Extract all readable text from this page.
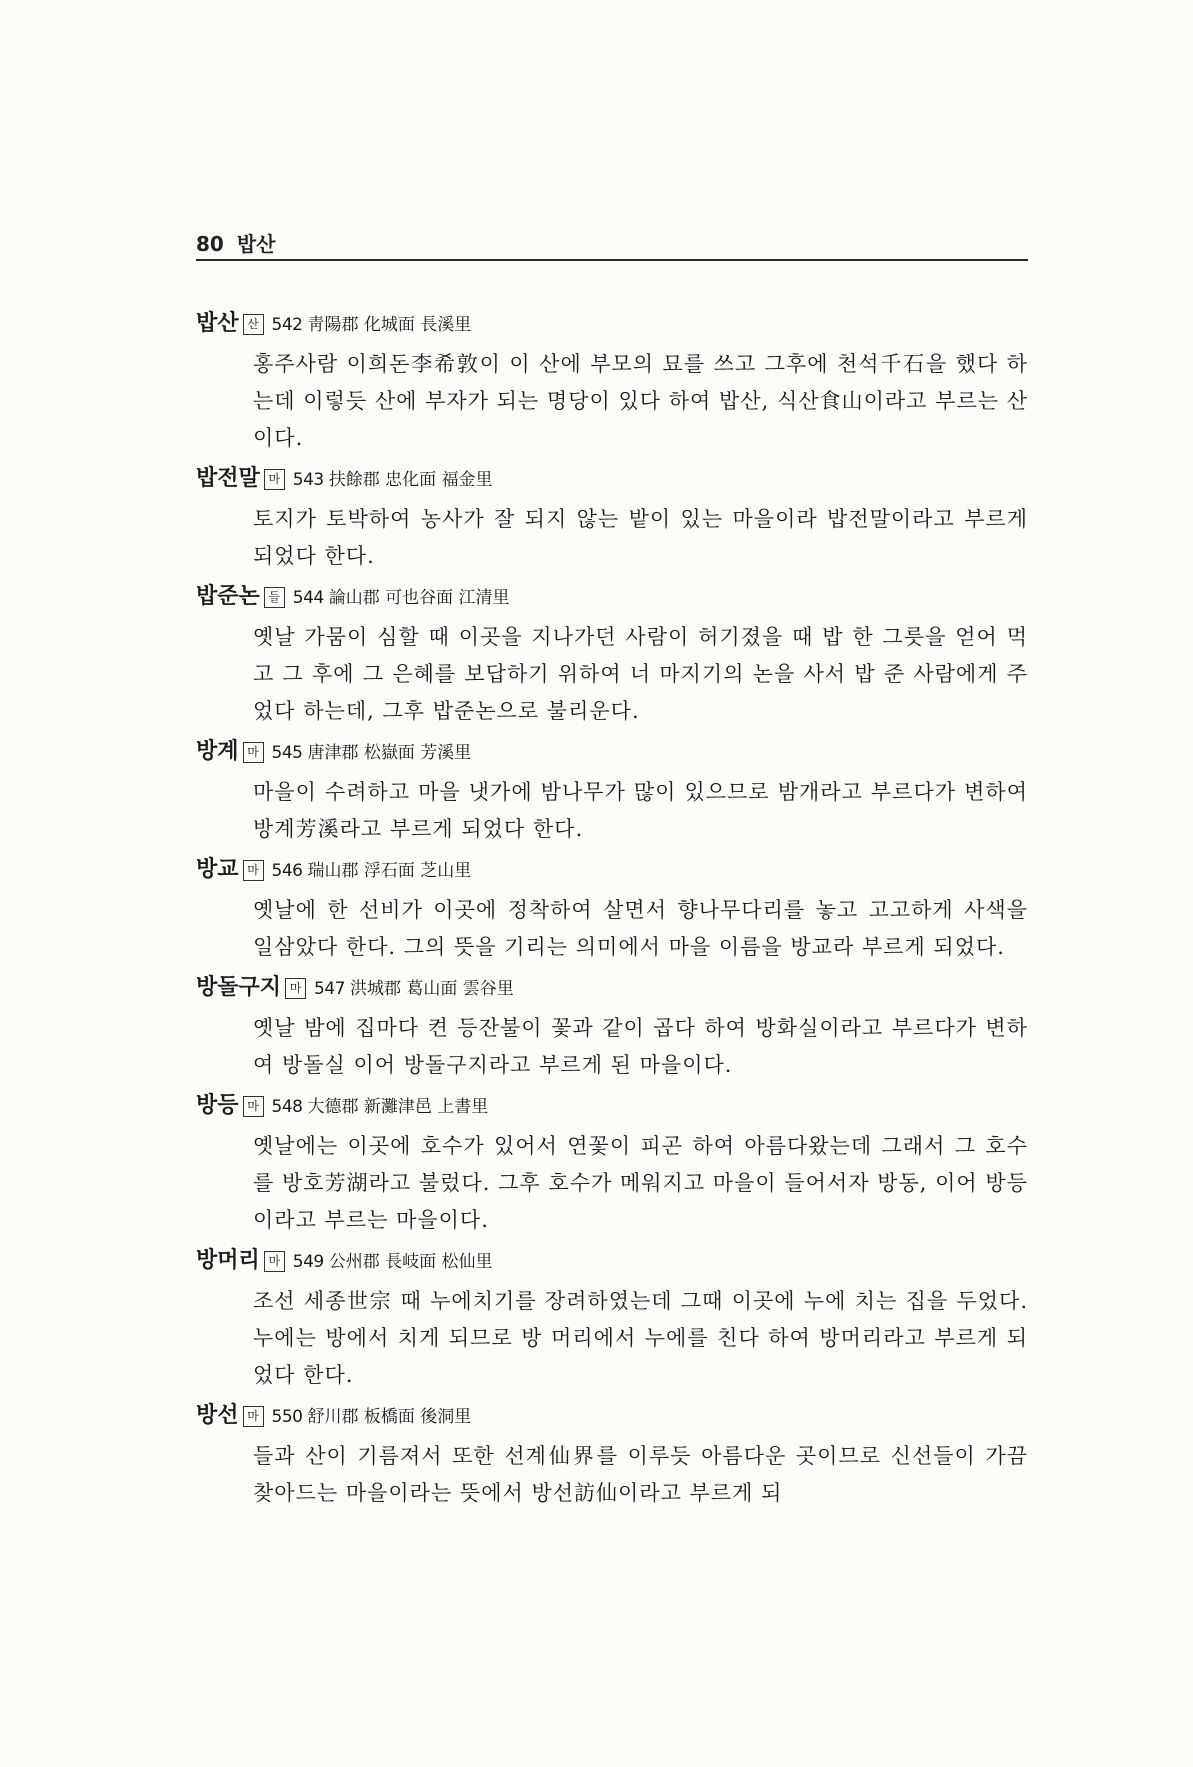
80 밥산
밥산 산 542 靑陽郡 化城面 長溪里

홍주사람 이희돈李希敦이 이 산에 부모의 묘를 쓰고 그후에 천석千石을 했다 하는데 이렇듯 산에 부자가 되는 명당이 있다 하여 밥산, 식산食山이라고 부르는 산이다.

밥전말 마 543 扶餘郡 忠化面 福金里

토지가 토박하여 농사가 잘 되지 않는 밭이 있는 마을이라 밥전말이라고 부르게 되었다 한다.

밥준논 들 544 論山郡 可也谷面 江清里

옛날 가뭄이 심할 때 이곳을 지나가던 사람이 허기졌을 때 밥 한 그릇을 얻어 먹고 그 후에 그 은혜를 보답하기 위하여 너 마지기의 논을 사서 밥 준 사람에게 주었다 하는데, 그후 밥준논으로 불리운다.

방계 마 545 唐津郡 松嶽面 芳溪里

마을이 수려하고 마을 냇가에 밤나무가 많이 있으므로 밤개라고 부르다가 변하여 방계芳溪라고 부르게 되었다 한다.

방교 마 546 瑞山郡 浮石面 芝山里

옛날에 한 선비가 이곳에 정착하여 살면서 향나무다리를 놓고 고고하게 사색을 일삼았다 한다. 그의 뜻을 기리는 의미에서 마을 이름을 방교라 부르게 되었다.

방돌구지 마 547 洪城郡 葛山面 雲谷里

옛날 밤에 집마다 켠 등잔불이 꽃과 같이 곱다 하여 방화실이라고 부르다가 변하여 방돌실 이어 방돌구지라고 부르게 된 마을이다.

방등 마 548 大德郡 新灘津邑 上書里

옛날에는 이곳에 호수가 있어서 연꽃이 피곤 하여 아름다왔는데 그래서 그 호수를 방호芳湖라고 불렀다. 그후 호수가 메워지고 마을이 들어서자 방동, 이어 방등이라고 부르는 마을이다.

방머리 마 549 公州郡 長岐面 松仙里

조선 세종世宗 때 누에치기를 장려하였는데 그때 이곳에 누에 치는 집을 두었다. 누에는 방에서 치게 되므로 방 머리에서 누에를 친다 하여 방머리라고 부르게 되었다 한다.

방선 마 550 舒川郡 板橋面 後洞里

들과 산이 기름져서 또한 선계仙界를 이루듯 아름다운 곳이므로 신선들이 가끔 찾아드는 마을이라는 뜻에서 방선訪仙이라고 부르게 되
